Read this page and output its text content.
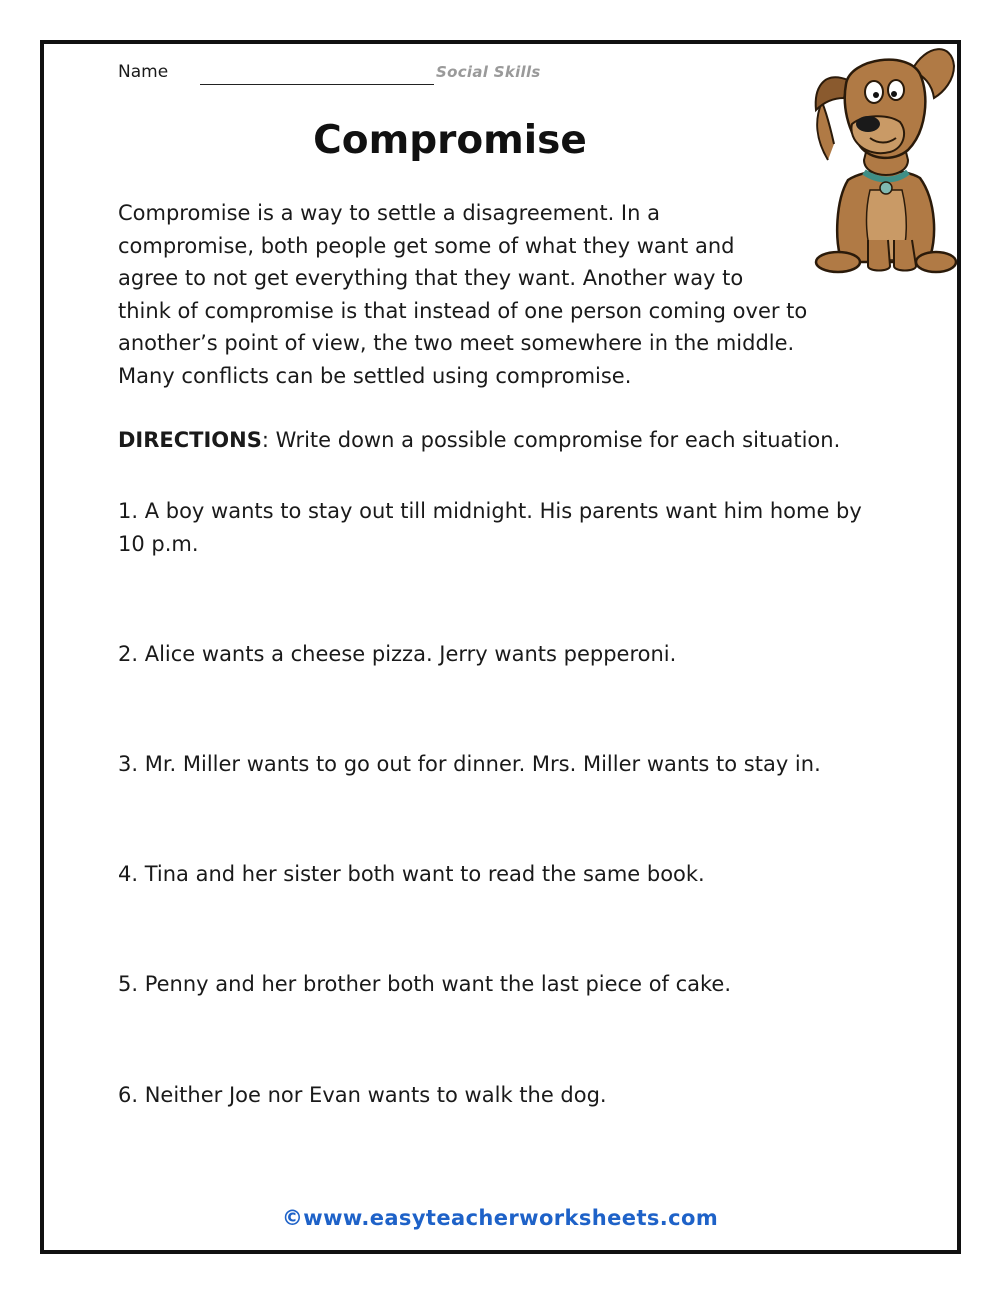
Name	Social Skills
Compromise

Compromise is a way to settle a disagreement. In a
compromise, both people get some of what they want and
agree to not get everything that they want. Another way to
think of compromise is that instead of one person coming over to
another’s point of view, the two meet somewhere in the middle.
Many conflicts can be settled using compromise.

DIRECTIONS: Write down a possible compromise for each situation.
1. A boy wants to stay out till midnight. His parents want him home by
10 p.m.
2. Alice wants a cheese pizza. Jerry wants pepperoni.
3. Mr. Miller wants to go out for dinner. Mrs. Miller wants to stay in.
4. Tina and her sister both want to read the same book.
5. Penny and her brother both want the last piece of cake.
6. Neither Joe nor Evan wants to walk the dog.
©www.easyteacherworksheets.com
